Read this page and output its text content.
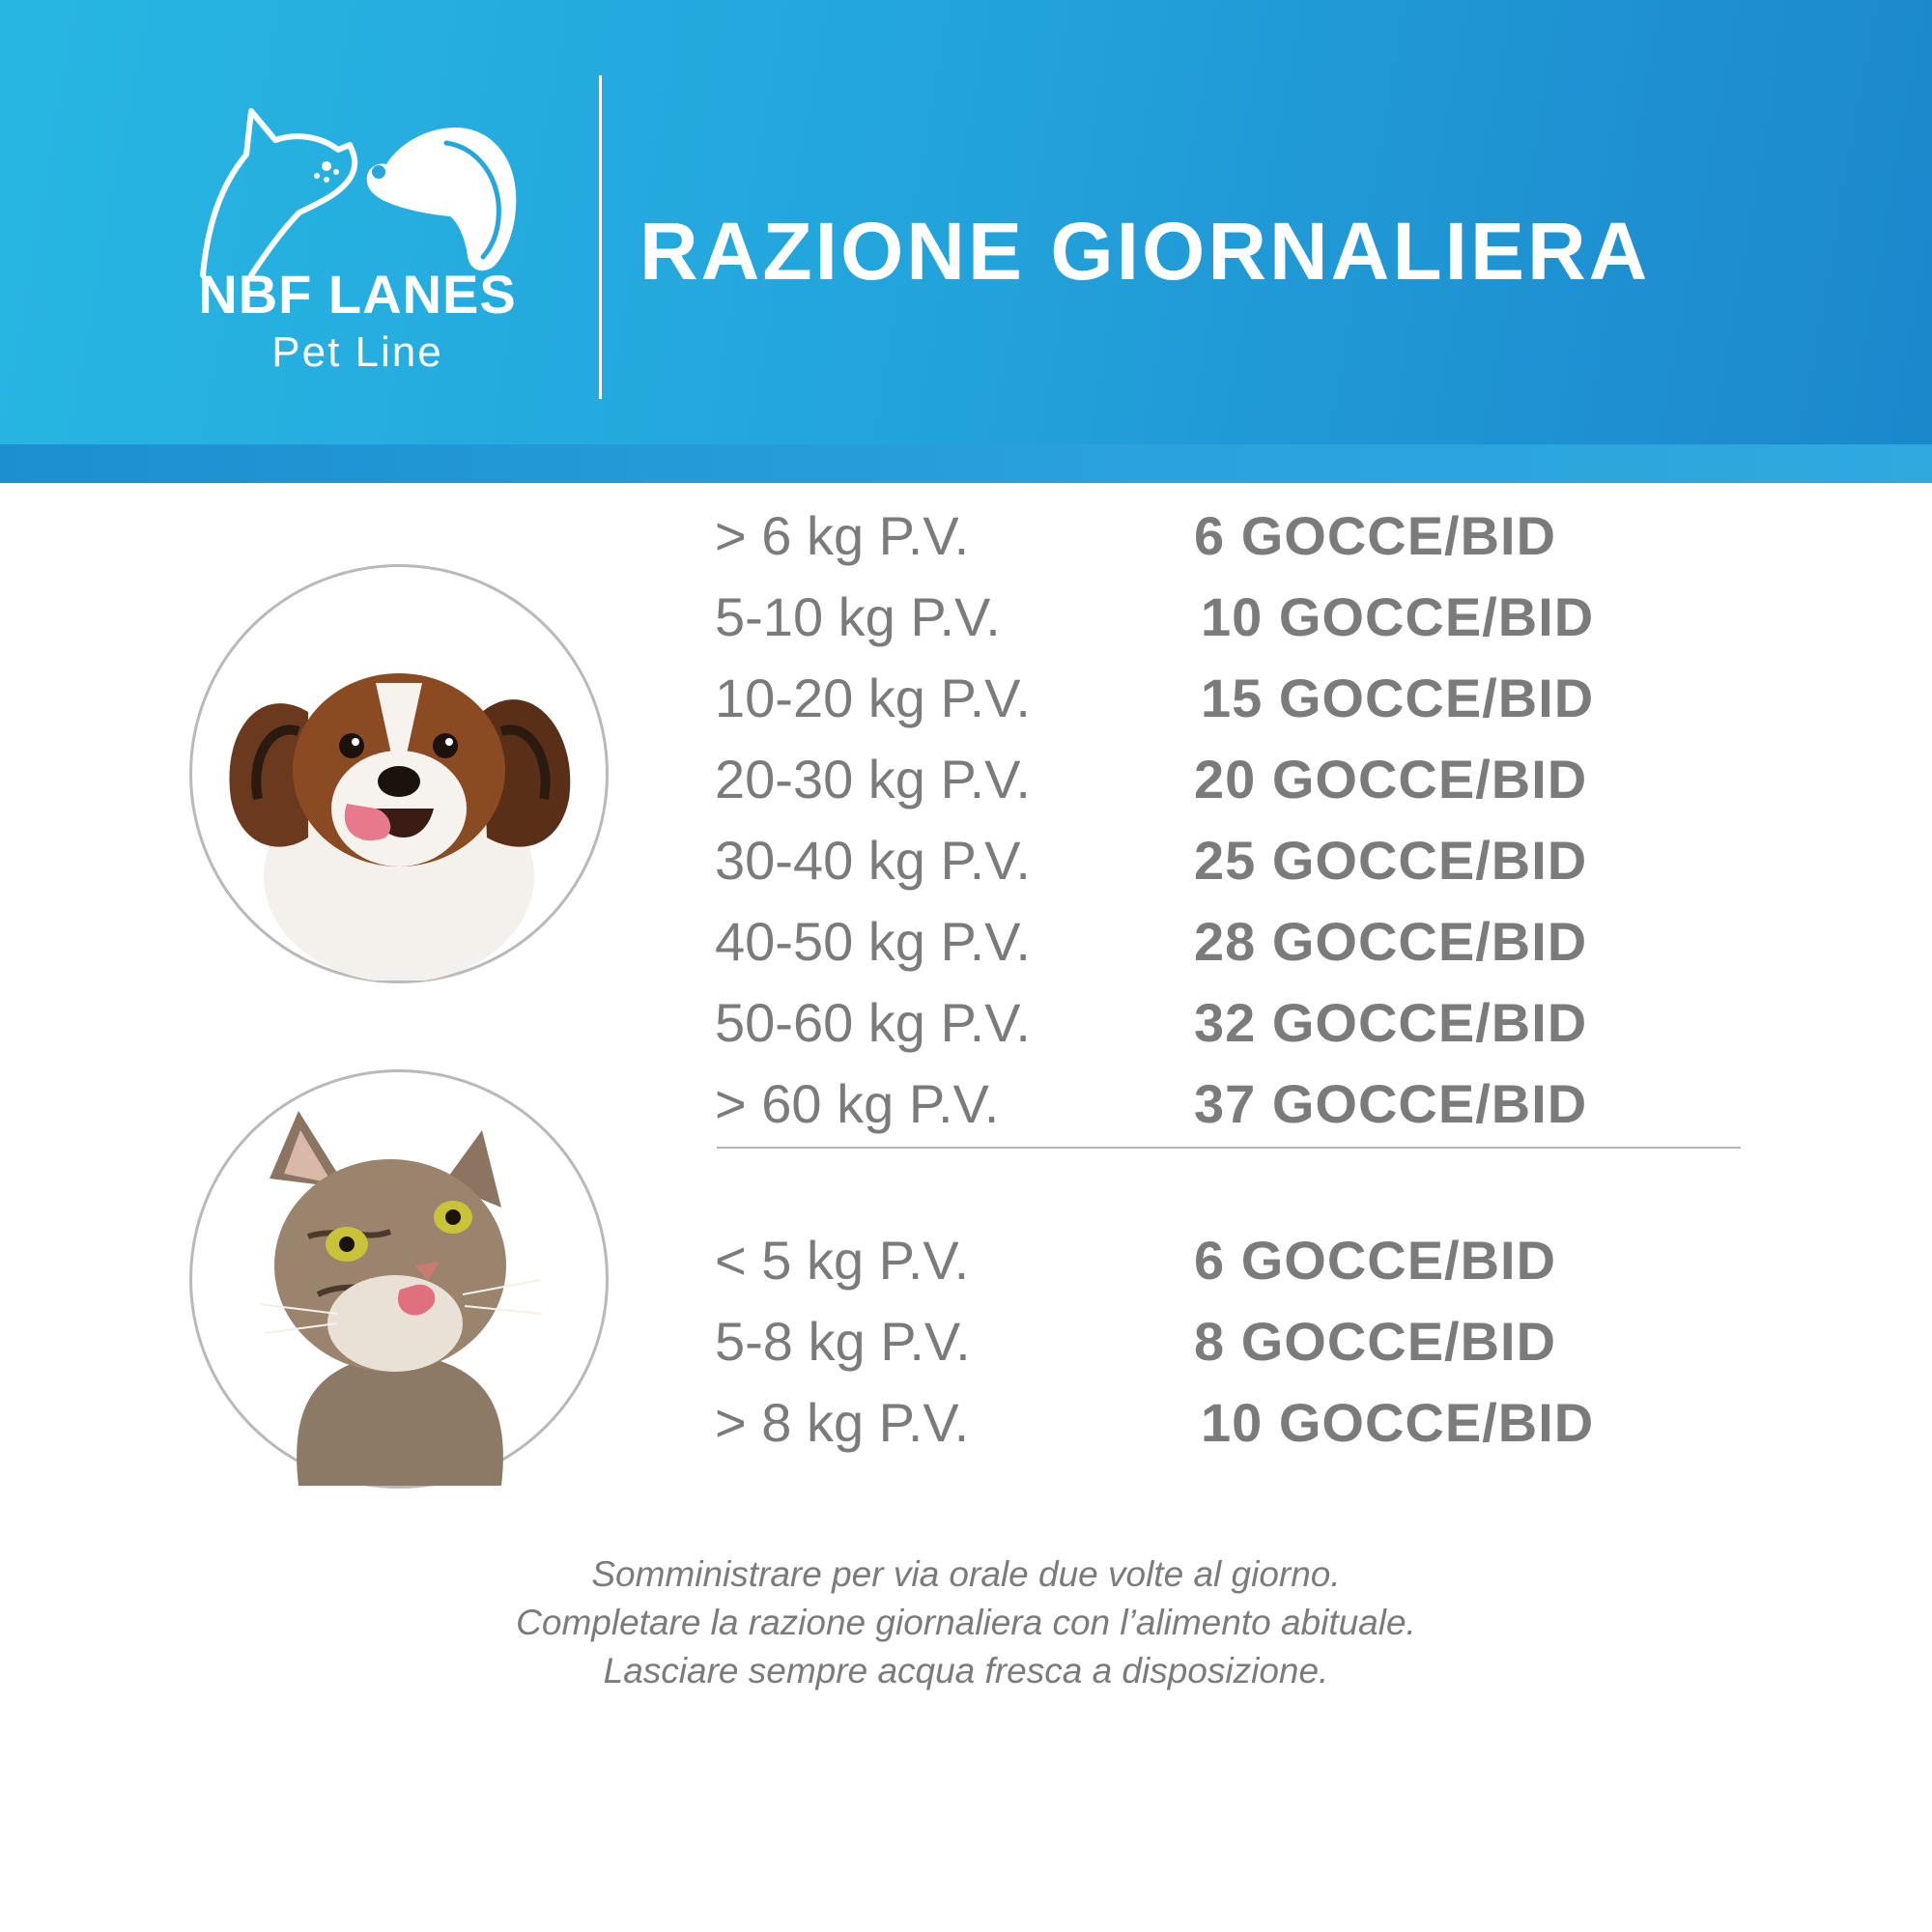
NBF LANES
Pet Line
RAZIONE GIORNALIERA
> 6 kg P.V.	6 GOCCE/BID
5-10 kg P.V.	10 GOCCE/BID
10-20 kg P.V.	15 GOCCE/BID
20-30 kg P.V.	20 GOCCE/BID
30-40 kg P.V.	25 GOCCE/BID
40-50 kg P.V.	28 GOCCE/BID
50-60 kg P.V.	32 GOCCE/BID
> 60 kg P.V.	37 GOCCE/BID
< 5 kg P.V.	6 GOCCE/BID
5-8 kg P.V.	8 GOCCE/BID
> 8 kg P.V.	10 GOCCE/BID
Somministrare per via orale due volte al giorno.
Completare la razione giornaliera con l’alimento abituale.
Lasciare sempre acqua fresca a disposizione.
